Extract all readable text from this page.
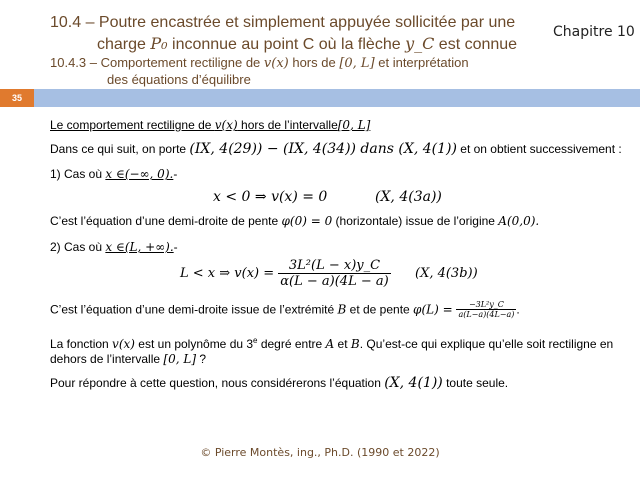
10.4 – Poutre encastrée et simplement appuyée sollicitée par une
charge P₀ inconnue au point C où la flèche y_C est connue
10.4.3 – Comportement rectiligne de v(x) hors de [0, L] et interprétation
des équations d’équilibre
Chapitre 10
35
Le comportement rectiligne de v(x) hors de l’intervalle[0, L]
Dans ce qui suit, on porte (IX, 4(29)) − (IX, 4(34)) dans (X, 4(1)) et on obtient successivement :
1) Cas où x ∈(−∞, 0).-
x < 0 ⇒ v(x) = 0	(X, 4(3a))
C’est l’équation d’une demi-droite de pente φ(0) = 0 (horizontale) issue de l’origine A(0,0).
2) Cas où x ∈(L, +∞).-
L < x ⇒ $v(x) = \frac{\text{3L²(L − x)y\_C}}{\alpha(L - a)(4L - a)} (X$, 4(3b))
C’est l’équation d’une demi-droite issue de l’extrémité B et de pente $\varphi(L) = \frac{\text{−3L²y\_C}}{a(L-a)(4L-a)}$ .
La fonction v(x) est un polynôme du 3e degré entre A et B. Qu’est-ce qui explique qu’elle soit rectiligne en
dehors de l’intervalle [0, L] ?
Pour répondre à cette question, nous considérerons l’équation (X, 4(1)) toute seule.
© Pierre Montès, ing., Ph.D. (1990 et 2022)
